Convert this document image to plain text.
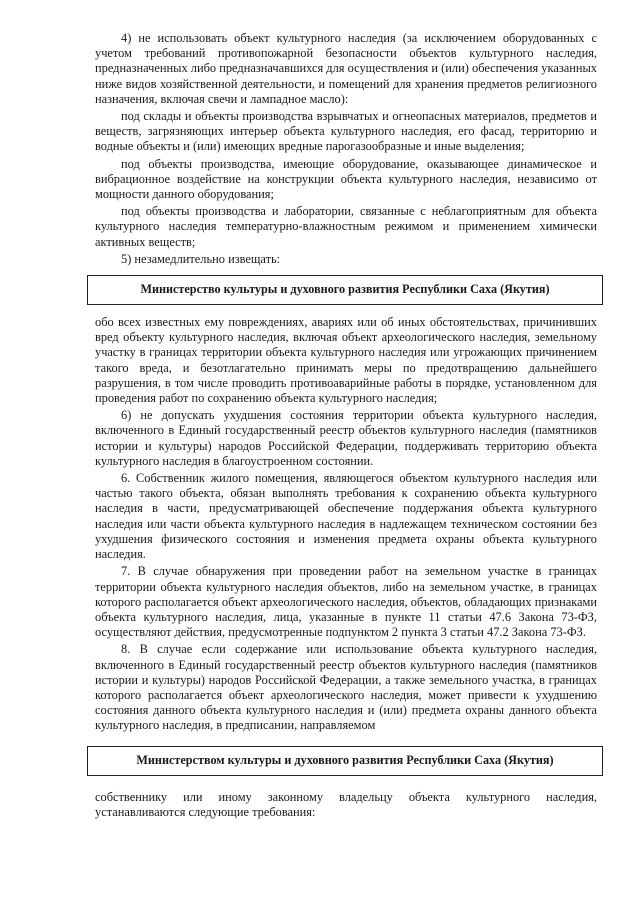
4) не использовать объект культурного наследия (за исключением оборудованных с учетом требований противопожарной безопасности объектов культурного наследия, предназначенных либо предназначавшихся для осуществления и (или) обеспечения указанных ниже видов хозяйственной деятельности, и помещений для хранения предметов религиозного назначения, включая свечи и лампадное масло):

под склады и объекты производства взрывчатых и огнеопасных материалов, предметов и веществ, загрязняющих интерьер объекта культурного наследия, его фасад, территорию и водные объекты и (или) имеющих вредные парогазообразные и иные выделения;

под объекты производства, имеющие оборудование, оказывающее динамическое и вибрационное воздействие на конструкции объекта культурного наследия, независимо от мощности данного оборудования;

под объекты производства и лаборатории, связанные с неблагоприятным для объекта культурного наследия температурно-влажностным режимом и применением химически активных веществ;

5) незамедлительно извещать:

Министерство культуры и духовного развития Республики Саха (Якутия)

обо всех известных ему повреждениях, авариях или об иных обстоятельствах, причинивших вред объекту культурного наследия, включая объект археологического наследия, земельному участку в границах территории объекта культурного наследия или угрожающих причинением такого вреда, и безотлагательно принимать меры по предотвращению дальнейшего разрушения, в том числе проводить противоаварийные работы в порядке, установленном для проведения работ по сохранению объекта культурного наследия;

6) не допускать ухудшения состояния территории объекта культурного наследия, включенного в Единый государственный реестр объектов культурного наследия (памятников истории и культуры) народов Российской Федерации, поддерживать территорию объекта культурного наследия в благоустроенном состоянии.

6. Собственник жилого помещения, являющегося объектом культурного наследия или частью такого объекта, обязан выполнять требования к сохранению объекта культурного наследия в части, предусматривающей обеспечение поддержания объекта культурного наследия или части объекта культурного наследия в надлежащем техническом состоянии без ухудшения физического состояния и изменения предмета охраны объекта культурного наследия.

7. В случае обнаружения при проведении работ на земельном участке в границах территории объекта культурного наследия объектов, либо на земельном участке, в границах которого располагается объект археологического наследия, объектов, обладающих признаками объекта культурного наследия, лица, указанные в пункте 11 статьи 47.6 Закона 73-ФЗ, осуществляют действия, предусмотренные подпунктом 2 пункта 3 статьи 47.2 Закона 73-ФЗ.

8. В случае если содержание или использование объекта культурного наследия, включенного в Единый государственный реестр объектов культурного наследия (памятников истории и культуры) народов Российской Федерации, а также земельного участка, в границах которого располагается объект археологического наследия, может привести к ухудшению состояния данного объекта культурного наследия и (или) предмета охраны данного объекта культурного наследия, в предписании, направляемом

Министерством культуры и духовного развития Республики Саха (Якутия)

собственнику или иному законному владельцу объекта культурного наследия, устанавливаются следующие требования:
